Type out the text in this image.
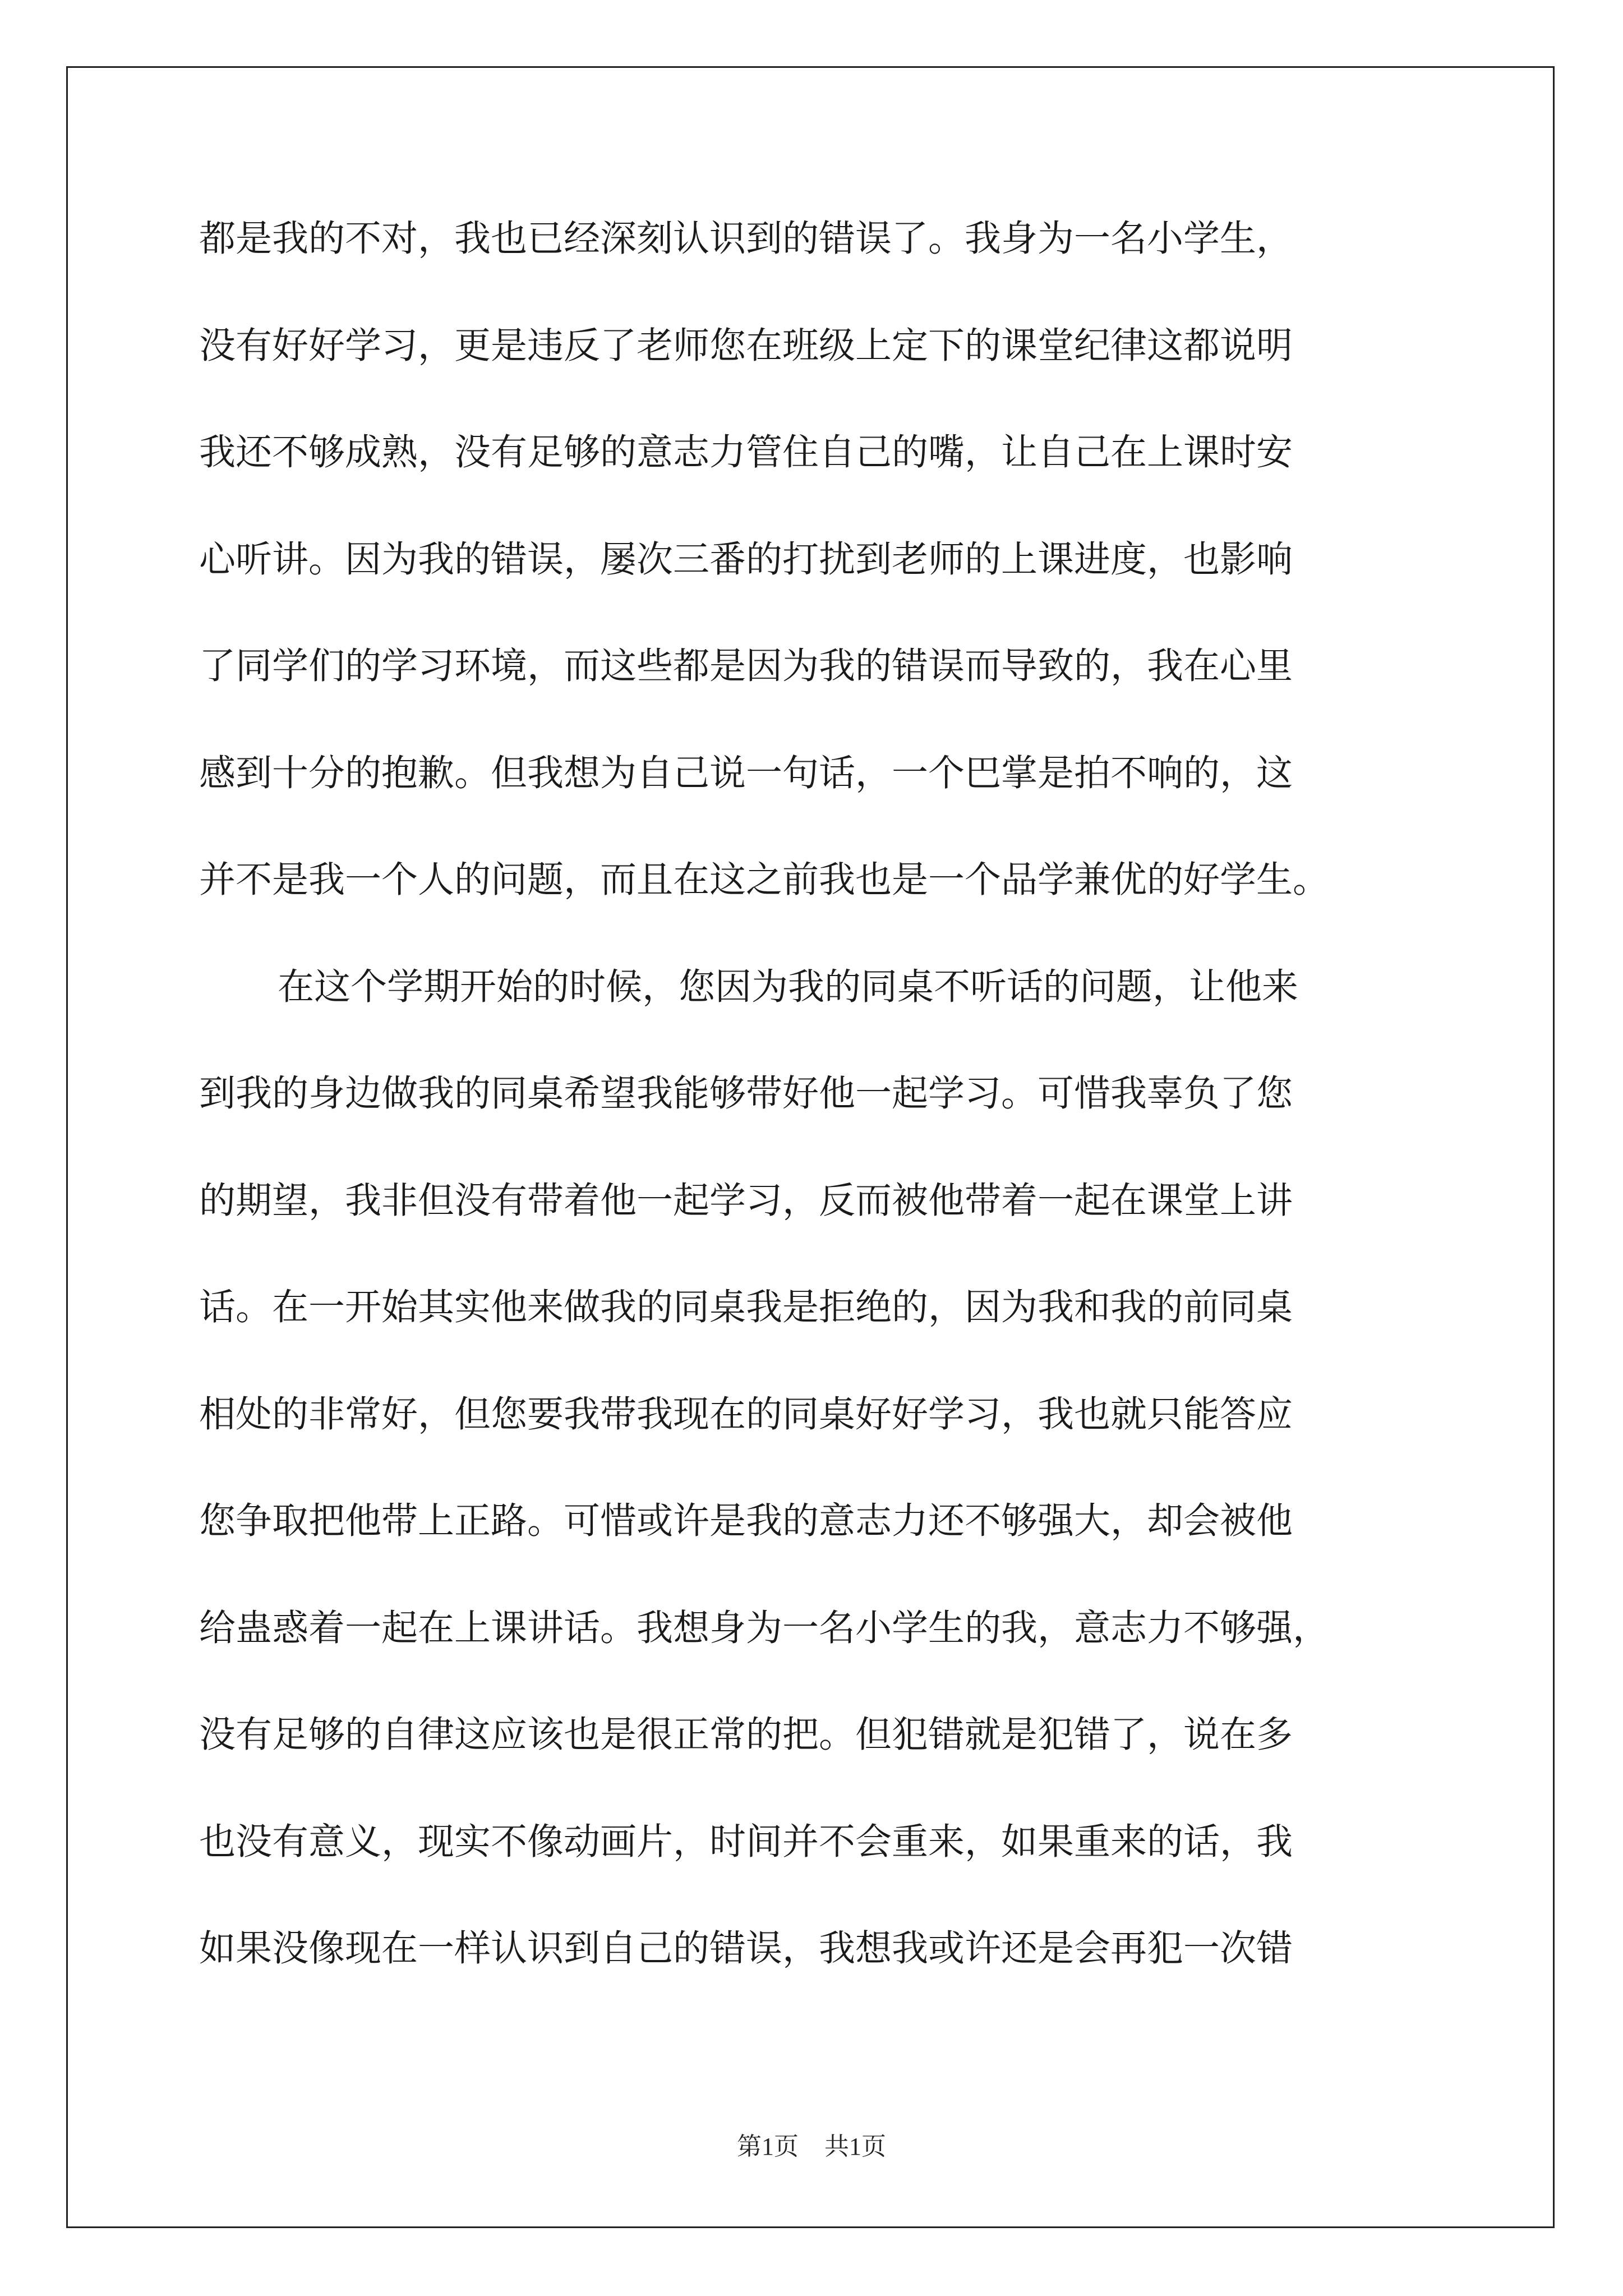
都是我的不对，我也已经深刻认识到的错误了。我身为一名小学生，
没有好好学习，更是违反了老师您在班级上定下的课堂纪律这都说明
我还不够成熟，没有足够的意志力管住自己的嘴，让自己在上课时安
心听讲。因为我的错误，屡次三番的打扰到老师的上课进度，也影响
了同学们的学习环境，而这些都是因为我的错误而导致的，我在心里
感到十分的抱歉。但我想为自己说一句话，一个巴掌是拍不响的，这
并不是我一个人的问题，而且在这之前我也是一个品学兼优的好学生。
在这个学期开始的时候，您因为我的同桌不听话的问题，让他来
到我的身边做我的同桌希望我能够带好他一起学习。可惜我辜负了您
的期望，我非但没有带着他一起学习，反而被他带着一起在课堂上讲
话。在一开始其实他来做我的同桌我是拒绝的，因为我和我的前同桌
相处的非常好，但您要我带我现在的同桌好好学习，我也就只能答应
您争取把他带上正路。可惜或许是我的意志力还不够强大，却会被他
给蛊惑着一起在上课讲话。我想身为一名小学生的我，意志力不够强，
没有足够的自律这应该也是很正常的把。但犯错就是犯错了，说在多
也没有意义，现实不像动画片，时间并不会重来，如果重来的话，我
如果没像现在一样认识到自己的错误，我想我或许还是会再犯一次错
第1页 共1页
